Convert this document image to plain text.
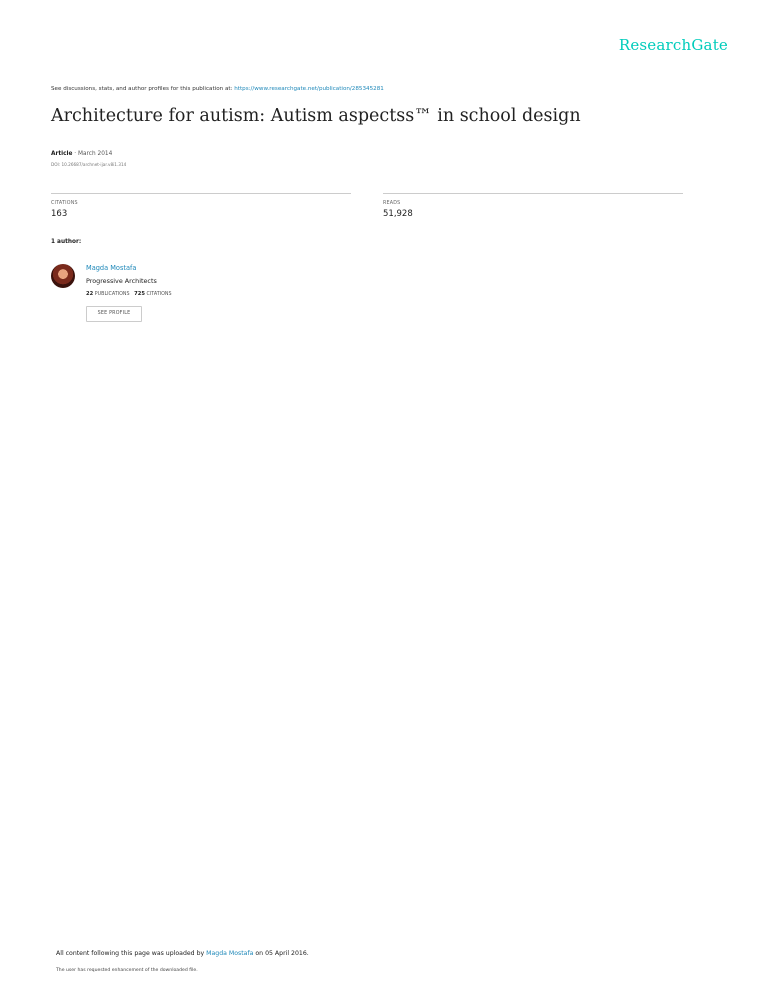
ResearchGate
See discussions, stats, and author profiles for this publication at: https://www.researchgate.net/publication/285345281
Architecture for autism: Autism aspectss™ in school design
Article · March 2014
DOI: 10.26687/archnet-ijar.v8i1.314
CITATIONS
163
READS
51,928
1 author:
Magda Mostafa
Progressive Architects
22 PUBLICATIONS 725 CITATIONS
SEE PROFILE
All content following this page was uploaded by Magda Mostafa on 05 April 2016.
The user has requested enhancement of the downloaded file.
